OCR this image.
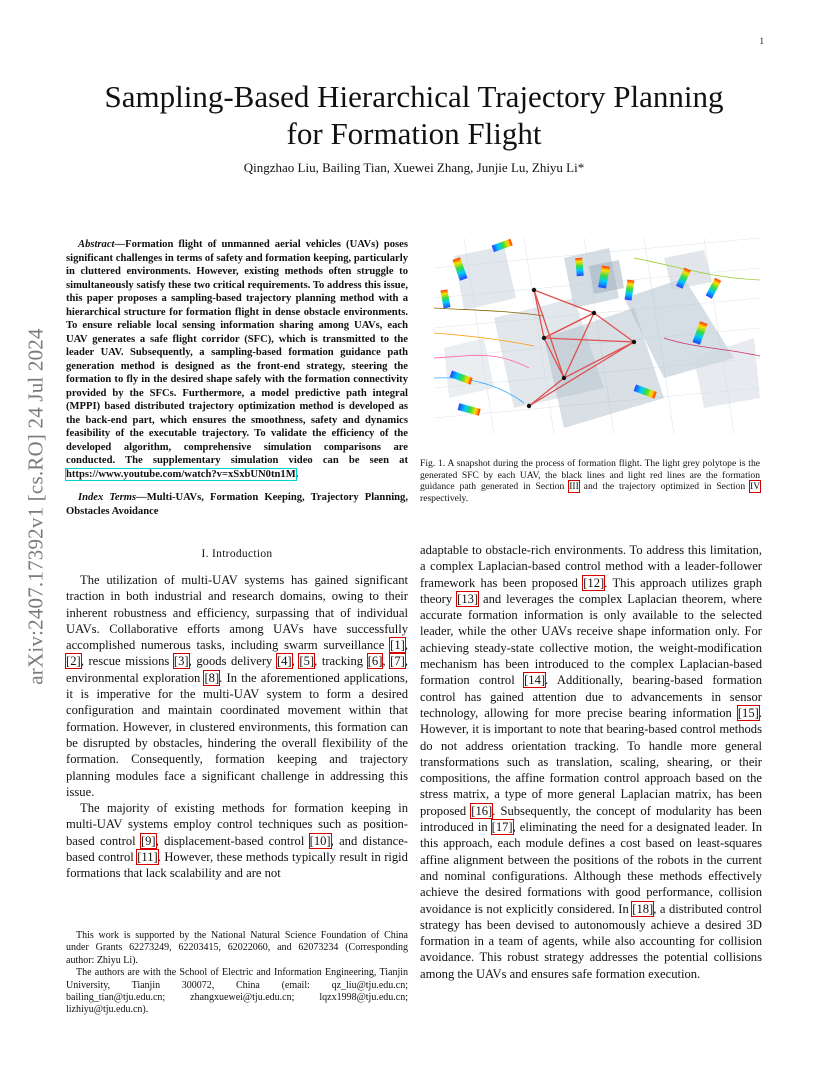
1
arXiv:2407.17392v1 [cs.RO] 24 Jul 2024
Sampling-Based Hierarchical Trajectory Planning
for Formation Flight
Qingzhao Liu, Bailing Tian, Xuewei Zhang, Junjie Lu, Zhiyu Li*

Abstract—Formation flight of unmanned aerial vehicles (UAVs) poses significant challenges in terms of safety and formation keeping, particularly in cluttered environments. However, existing methods often struggle to simultaneously satisfy these two critical requirements. To address this issue, this paper proposes a sampling-based trajectory planning method with a hierarchical structure for formation flight in dense obstacle environments. To ensure reliable local sensing information sharing among UAVs, each UAV generates a safe flight corridor (SFC), which is transmitted to the leader UAV. Subsequently, a sampling-based formation guidance path generation method is designed as the front-end strategy, steering the formation to fly in the desired shape safely with the formation connectivity provided by the SFCs. Furthermore, a model predictive path integral (MPPI) based distributed trajectory optimization method is developed as the back-end part, which ensures the smoothness, safety and dynamics feasibility of the executable trajectory. To validate the efficiency of the developed algorithm, comprehensive simulation comparisons are conducted. The supplementary simulation video can be seen at https://www.youtube.com/watch?v=xSxbUN0tn1M.

Index Terms—Multi-UAVs, Formation Keeping, Trajectory Planning, Obstacles Avoidance

I. Introduction

The utilization of multi-UAV systems has gained significant traction in both industrial and research domains, owing to their inherent robustness and efficiency, surpassing that of individual UAVs. Collaborative efforts among UAVs have successfully accomplished numerous tasks, including swarm surveillance [1], [2], rescue missions [3], goods delivery [4], [5], tracking [6], [7], environmental exploration [8]. In the aforementioned applications, it is imperative for the multi-UAV system to form a desired configuration and maintain coordinated movement within that formation. However, in clustered environments, this formation can be disrupted by obstacles, hindering the overall flexibility of the formation. Consequently, formation keeping and trajectory planning modules face a significant challenge in addressing this issue.

The majority of existing methods for formation keeping in multi-UAV systems employ control techniques such as position-based control [9], displacement-based control [10], and distance-based control [11]. However, these methods typically result in rigid formations that lack scalability and are not

This work is supported by the National Natural Science Foundation of China under Grants 62273249, 62203415, 62022060, and 62073234 (Corresponding author: Zhiyu Li).

The authors are with the School of Electric and Information Engineering, Tianjin University, Tianjin 300072, China (email: qz_liu@tju.edu.cn; bailing_tian@tju.edu.cn; zhangxuewei@tju.edu.cn; lqzx1998@tju.edu.cn; lizhiyu@tju.edu.cn).

Fig. 1. A snapshot during the process of formation flight. The light grey polytope is the generated SFC by each UAV, the black lines and light red lines are the formation guidance path generated in Section III and the trajectory optimized in Section IV respectively.

adaptable to obstacle-rich environments. To address this limitation, a complex Laplacian-based control method with a leader-follower framework has been proposed [12]. This approach utilizes graph theory [13] and leverages the complex Laplacian theorem, where accurate formation information is only available to the selected leader, while the other UAVs receive shape information only. For achieving steady-state collective motion, the weight-modification mechanism has been introduced to the complex Laplacian-based formation control [14]. Additionally, bearing-based formation control has gained attention due to advancements in sensor technology, allowing for more precise bearing information [15]. However, it is important to note that bearing-based control methods do not address orientation tracking. To handle more general transformations such as translation, scaling, shearing, or their compositions, the affine formation control approach based on the stress matrix, a type of more general Laplacian matrix, has been proposed [16]. Subsequently, the concept of modularity has been introduced in [17], eliminating the need for a designated leader. In this approach, each module defines a cost based on least-squares affine alignment between the positions of the robots in the current and nominal configurations. Although these methods effectively achieve the desired formations with good performance, collision avoidance is not explicitly considered. In [18], a distributed control strategy has been devised to autonomously achieve a desired 3D formation in a team of agents, while also accounting for collision avoidance. This robust strategy addresses the potential collisions among the UAVs and ensures safe formation execution.
